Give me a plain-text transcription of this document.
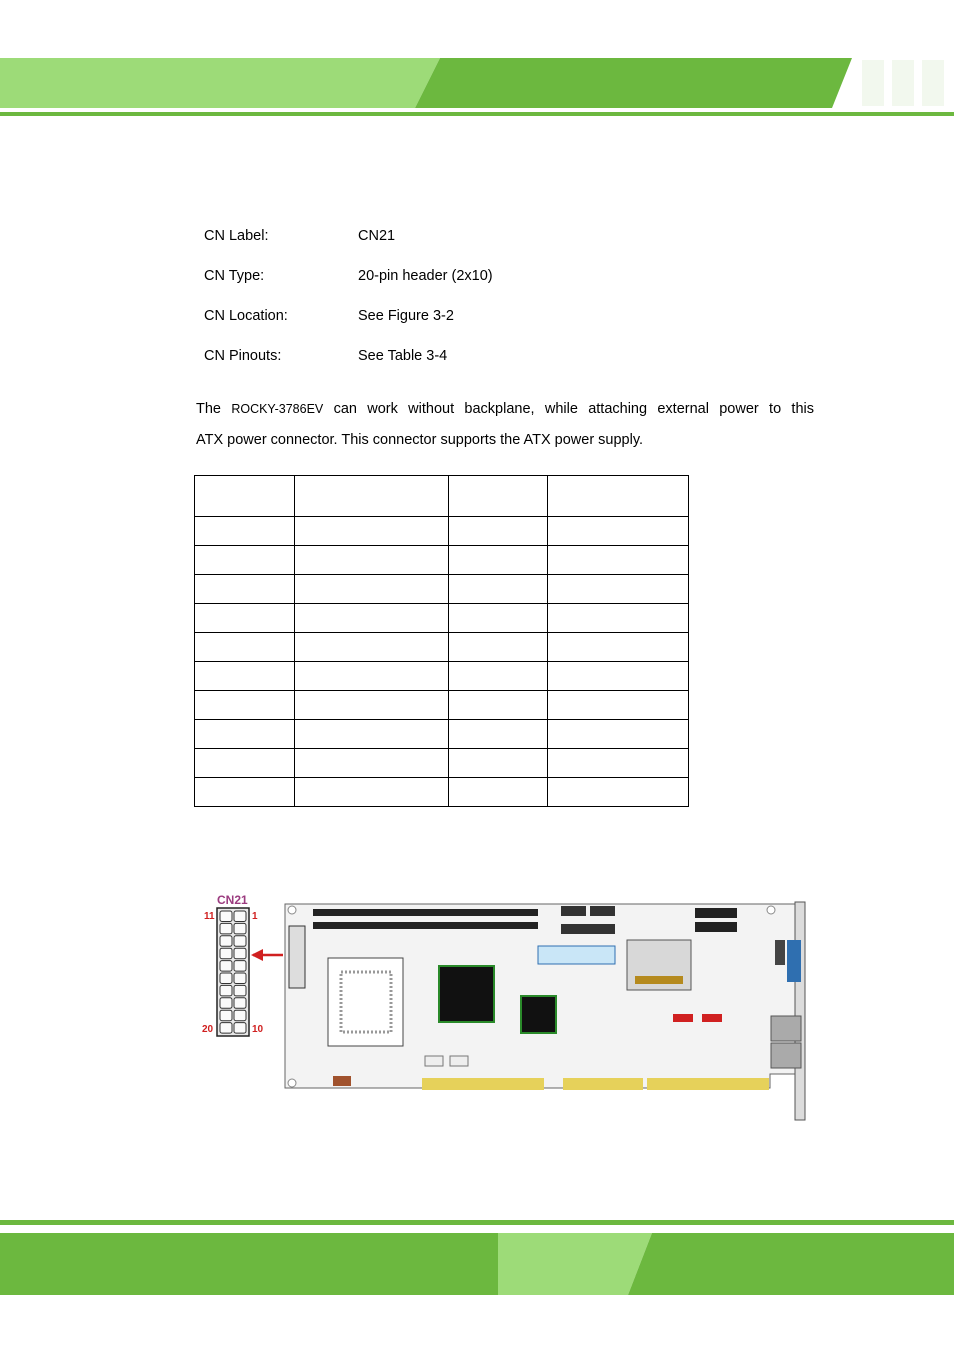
CN Label:	CN21
CN Type:	20-pin header (2x10)
CN Location:	See Figure 3-2
CN Pinouts:	See Table 3-4
The ROCKY-3786EV can work without backplane, while attaching external power to this
ATX power connector. This connector supports the ATX power supply.

CN21
11	1
20	10
